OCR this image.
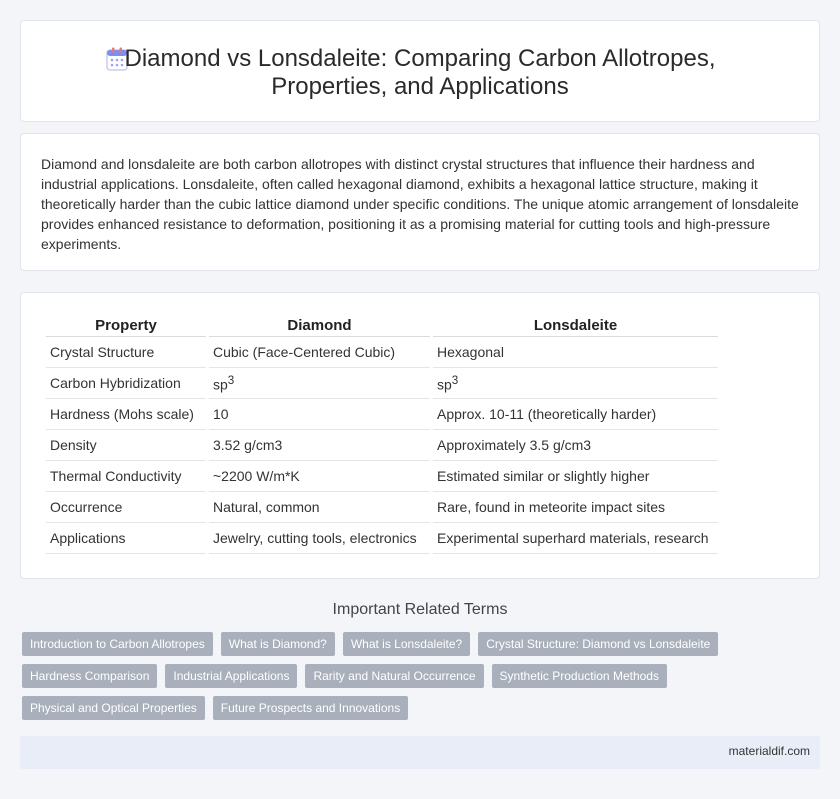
Diamond vs Lonsdaleite: Comparing Carbon Allotropes,
Properties, and Applications

Diamond and lonsdaleite are both carbon allotropes with distinct crystal structures that influence their hardness and industrial applications. Lonsdaleite, often called hexagonal diamond, exhibits a hexagonal lattice structure, making it theoretically harder than the cubic lattice diamond under specific conditions. The unique atomic arrangement of lonsdaleite provides enhanced resistance to deformation, positioning it as a promising material for cutting tools and high-pressure experiments.

Property	Diamond	Lonsdaleite
Crystal Structure	Cubic (Face-Centered Cubic)	Hexagonal
Carbon Hybridization	$sp^3$	$sp^3$
Hardness (Mohs scale)	10	Approx. 10-11 (theoretically harder)
Density	3.52 g/cm3	Approximately 3.5 g/cm3
Thermal Conductivity	~2200 W/m*K	Estimated similar or slightly higher
Occurrence	Natural, common	Rare, found in meteorite impact sites
Applications	Jewelry, cutting tools, electronics	Experimental superhard materials, research
Important Related Terms
Introduction to Carbon Allotropes	What is Diamond?	What is Lonsdaleite?	Crystal Structure: Diamond vs Lonsdaleite
Hardness Comparison	Industrial Applications	Rarity and Natural Occurrence	Synthetic Production Methods
Physical and Optical Properties	Future Prospects and Innovations
materialdif.com
